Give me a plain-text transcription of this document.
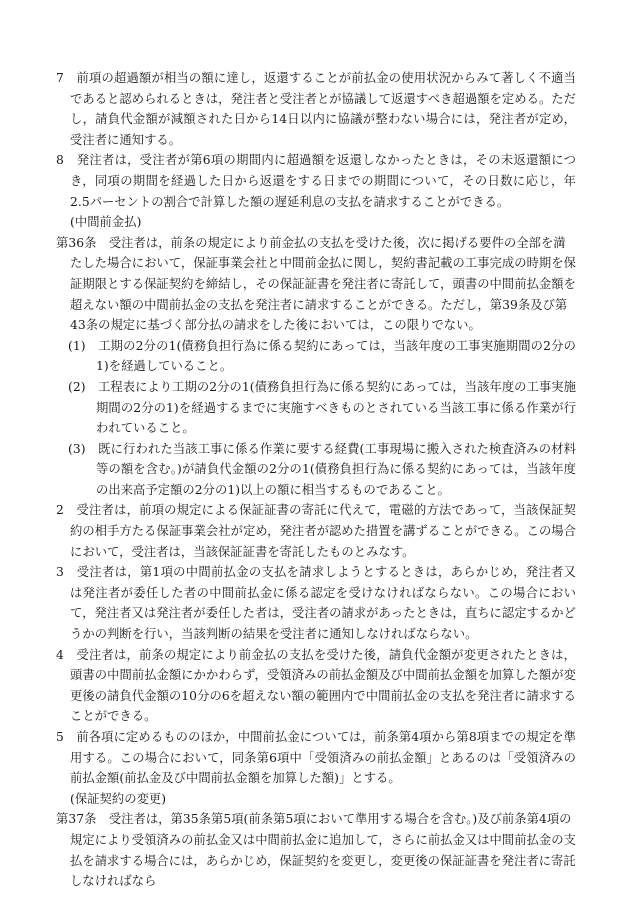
7　 前項の超過額が相当の額に達し，返還することが前払金の使用状況からみて著しく不適当であると認められるときは，発注者と受注者とが協議して返還すべき超過額を定める。ただし，請負代金額が減額された日から14日以内に協議が整わない場合には，発注者が定め，受注者に通知する。
8　 発注者は，受注者が第6項の期間内に超過額を返還しなかったときは，その未返還額につき，同項の期間を経過した日から返還をする日までの期間について，その日数に応じ，年2.5パーセントの割合で計算した額の遅延利息の支払を請求することができる。
(中間前金払)
第36条　 受注者は，前条の規定により前金払の支払を受けた後，次に掲げる要件の全部を満たした場合において，保証事業会社と中間前金払に関し，契約書記載の工事完成の時期を保証期限とする保証契約を締結し，その保証証書を発注者に寄託して，頭書の中間前払金額を超えない額の中間前払金の支払を発注者に請求することができる。ただし，第39条及び第43条の規定に基づく部分払の請求をした後においては，この限りでない。
(1)　 工期の2分の1(債務負担行為に係る契約にあっては，当該年度の工事実施期間の2分の1)を経過していること。
(2)　 工程表により工期の2分の1(債務負担行為に係る契約にあっては，当該年度の工事実施期間の2分の1)を経過するまでに実施すべきものとされている当該工事に係る作業が行われていること。
(3)　 既に行われた当該工事に係る作業に要する経費(工事現場に搬入された検査済みの材料等の額を含む。)が請負代金額の2分の1(債務負担行為に係る契約にあっては，当該年度の出来高予定額の2分の1)以上の額に相当するものであること。
2　 受注者は，前項の規定による保証証書の寄託に代えて，電磁的方法であって，当該保証契約の相手方たる保証事業会社が定め，発注者が認めた措置を講ずることができる。この場合において，受注者は，当該保証証書を寄託したものとみなす。
3　 受注者は，第1項の中間前払金の支払を請求しようとするときは，あらかじめ，発注者又は発注者が委任した者の中間前払金に係る認定を受けなければならない。この場合において，発注者又は発注者が委任した者は，受注者の請求があったときは，直ちに認定するかどうかの判断を行い，当該判断の結果を受注者に通知しなければならない。
4　 受注者は，前条の規定により前金払の支払を受けた後，請負代金額が変更されたときは，頭書の中間前払金額にかかわらず，受領済みの前払金額及び中間前払金額を加算した額が変更後の請負代金額の10分の6を超えない額の範囲内で中間前払金の支払を発注者に請求することができる。
5　 前各項に定めるもののほか，中間前払金については，前条第4項から第8項までの規定を準用する。この場合において，同条第6項中「受領済みの前払金額」とあるのは「受領済みの前払金額(前払金及び中間前払金額を加算した額)」とする。
(保証契約の変更)
第37条　 受注者は，第35条第5項(前条第5項において準用する場合を含む。)及び前条第4項の規定により受領済みの前払金又は中間前払金に追加して，さらに前払金又は中間前払金の支払を請求する場合には，あらかじめ，保証契約を変更し，変更後の保証証書を発注者に寄託しなければなら
